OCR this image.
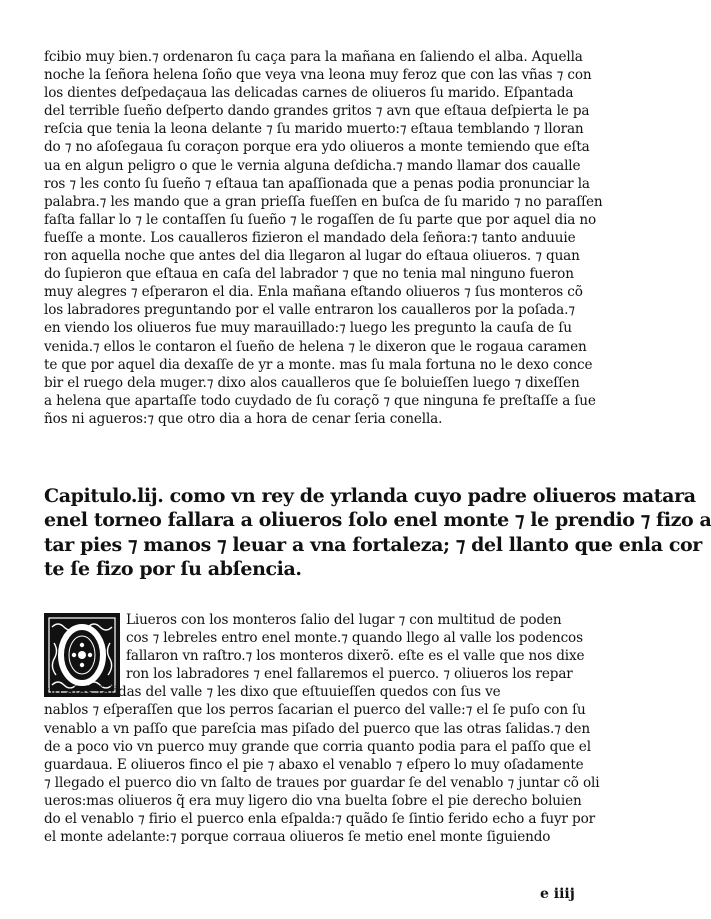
fcibio muy bien.⁊ ordenaron ſu caça para la mañana en ſaliendo el alba. Aquella
noche la ſeñora helena ſoño que veya vna leona muy feroz que con las vñas ⁊ con
los dientes deſpedaçaua las delicadas carnes de oliueros ſu marido. Eſpantada
del terrible ſueño deſperto dando grandes gritos ⁊ avn que eſtaua deſpierta le pa
reſcia que tenia la leona delante ⁊ ſu marido muerto:⁊ eſtaua temblando ⁊ lloran
do ⁊ no aſoſegaua ſu coraçon porque era ydo oliueros a monte temiendo que eſta
ua en algun peligro o que le vernia alguna deſdicha.⁊ mando llamar dos caualle
ros ⁊ les conto ſu ſueño ⁊ eſtaua tan apaſſionada que a penas podia pronunciar la
palabra.⁊ les mando que a gran prieſſa fueſſen en buſca de ſu marido ⁊ no paraſſen
faſta fallar lo ⁊ le contaſſen ſu ſueño ⁊ le rogaſſen de ſu parte que por aquel dia no
fueſſe a monte. Los caualleros fizieron el mandado dela ſeñora:⁊ tanto anduuie
ron aquella noche que antes del dia llegaron al lugar do eſtaua oliueros. ⁊ quan
do ſupieron que eſtaua en caſa del labrador ⁊ que no tenia mal ninguno fueron
muy alegres ⁊ eſperaron el dia. Enla mañana eſtando oliueros ⁊ ſus monteros cõ
los labradores preguntando por el valle entraron los caualleros por la poſada.⁊
en viendo los oliueros fue muy marauillado:⁊ luego les pregunto la cauſa de ſu
venida.⁊ ellos le contaron el ſueño de helena ⁊ le dixeron que le rogaua caramen
te que por aquel dia dexaſſe de yr a monte. mas ſu mala fortuna no le dexo conce
bir el ruego dela muger.⁊ dixo alos caualleros que ſe boluieſſen luego ⁊ dixeſſen
a helena que apartaſſe todo cuydado de ſu coraçõ ⁊ que ninguna fe preſtaſſe a ſue
ños ni agueros:⁊ que otro dia a hora de cenar ſeria conella.
Capitulo.lij. como vn rey de yrlanda cuyo padre oliueros matara
enel torneo fallara a oliueros ſolo enel monte ⁊ le prendio ⁊ fizo a
tar pies ⁊ manos ⁊ leuar a vna fortaleza; ⁊ del llanto que enla cor
te ſe fizo por ſu abſencia.
Liueros con los monteros ſalio del lugar ⁊ con multitud de poden
cos ⁊ lebreles entro enel monte.⁊ quando llego al valle los podencos
fallaron vn raſtro.⁊ los monteros dixerõ. eſte es el valle que nos dixe
ron los labradores ⁊ enel fallaremos el puerco. ⁊ oliueros los repar
tio alas ſalidas del valle ⁊ les dixo que eſtuuieſſen quedos con ſus ve
nablos ⁊ eſperaſſen que los perros ſacarian el puerco del valle:⁊ el ſe puſo con ſu
venablo a vn paſſo que pareſcia mas piſado del puerco que las otras ſalidas.⁊ den
de a poco vio vn puerco muy grande que corria quanto podia para el paſſo que el
guardaua. E oliueros finco el pie ⁊ abaxo el venablo ⁊ eſpero lo muy oſadamente
⁊ llegado el puerco dio vn ſalto de traues por guardar ſe del venablo ⁊ juntar cõ oli
ueros:mas oliueros q̃ era muy ligero dio vna buelta ſobre el pie derecho boluien
do el venablo ⁊ firio el puerco enla eſpalda:⁊ quãdo ſe ſintio ferido echo a fuyr por
el monte adelante:⁊ porque corraua oliueros ſe metio enel monte ſiguiendo
e iiij
